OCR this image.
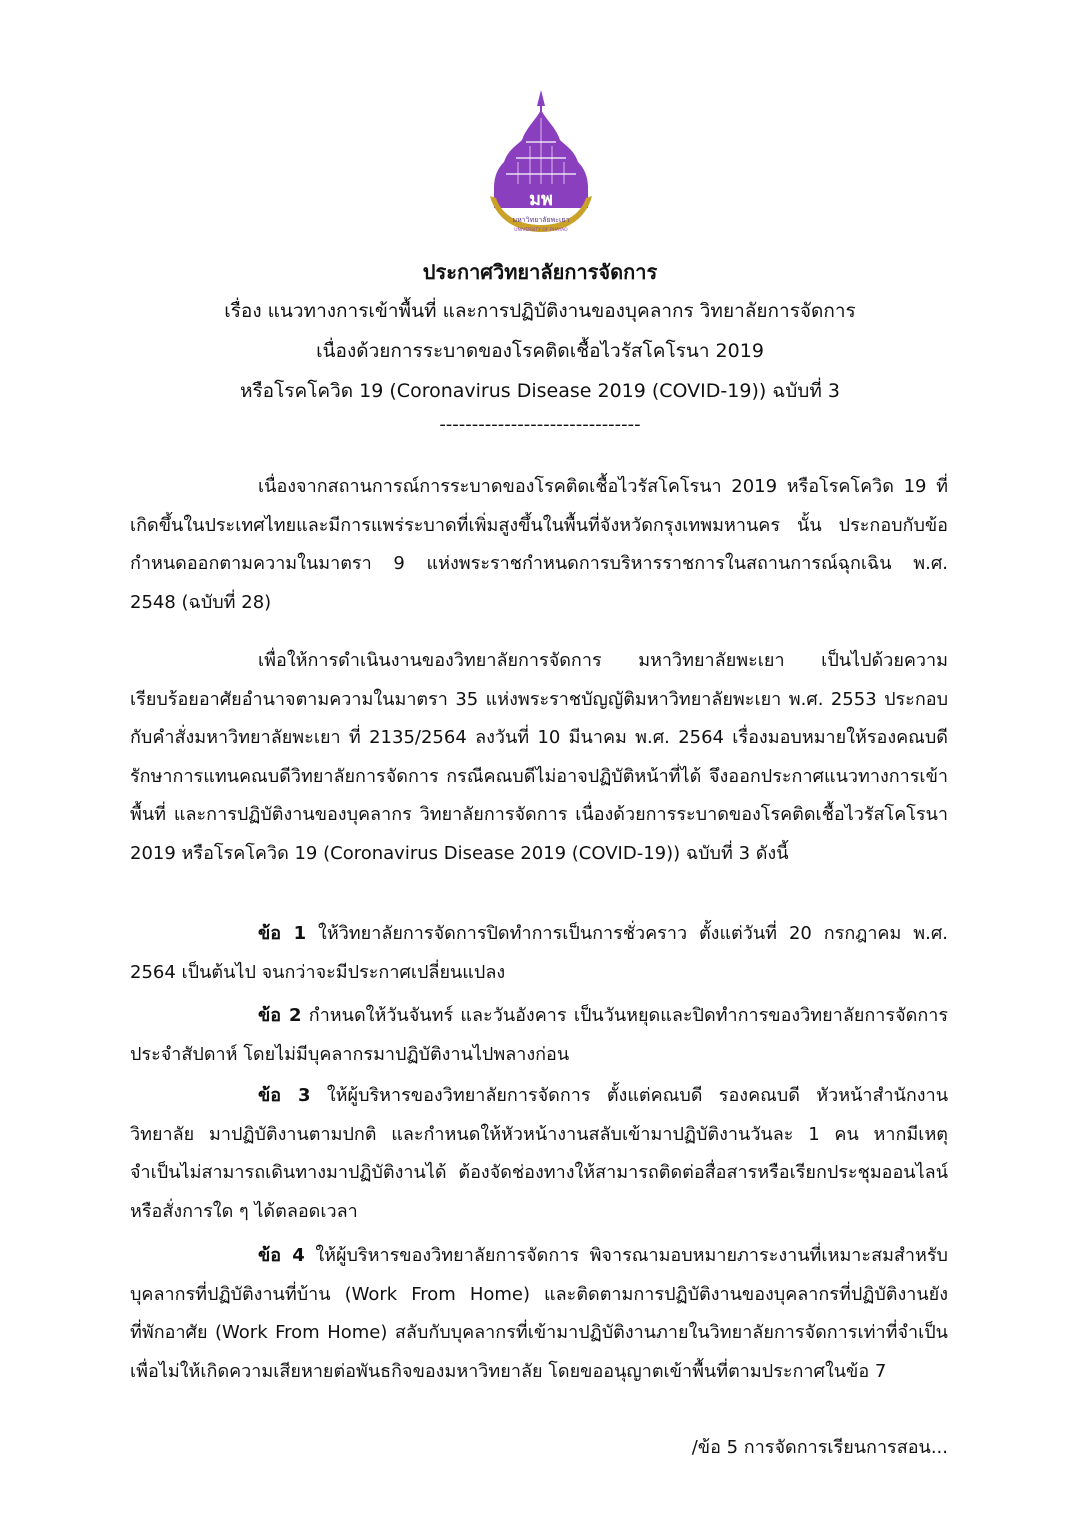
มพ
มหาวิทยาลัยพะเยา
UNIVERSITY OF PHAYAO
ประกาศวิทยาลัยการจัดการ
เรื่อง แนวทางการเข้าพื้นที่ และการปฏิบัติงานของบุคลากร วิทยาลัยการจัดการ
เนื่องด้วยการระบาดของโรคติดเชื้อไวรัสโคโรนา 2019
หรือโรคโควิด 19 (Coronavirus Disease 2019 (COVID-19)) ฉบับที่ 3
-------------------------------

เนื่องจากสถานการณ์การระบาดของโรคติดเชื้อไวรัสโคโรนา 2019 หรือโรคโควิด 19 ที่เกิดขึ้นในประเทศไทยและมีการแพร่ระบาดที่เพิ่มสูงขึ้นในพื้นที่จังหวัดกรุงเทพมหานคร นั้น ประกอบกับข้อกำหนดออกตามความในมาตรา 9 แห่งพระราชกำหนดการบริหารราชการในสถานการณ์ฉุกเฉิน พ.ศ. 2548 (ฉบับที่ 28)

เพื่อให้การดำเนินงานของวิทยาลัยการจัดการ มหาวิทยาลัยพะเยา เป็นไปด้วยความเรียบร้อยอาศัยอำนาจตามความในมาตรา 35 แห่งพระราชบัญญัติมหาวิทยาลัยพะเยา พ.ศ. 2553 ประกอบกับคำสั่งมหาวิทยาลัยพะเยา ที่ 2135/2564 ลงวันที่ 10 มีนาคม พ.ศ. 2564 เรื่องมอบหมายให้รองคณบดี รักษาการแทนคณบดีวิทยาลัยการจัดการ กรณีคณบดีไม่อาจปฏิบัติหน้าที่ได้ จึงออกประกาศแนวทางการเข้าพื้นที่ และการปฏิบัติงานของบุคลากร วิทยาลัยการจัดการ เนื่องด้วยการระบาดของโรคติดเชื้อไวรัสโคโรนา 2019 หรือโรคโควิด 19 (Coronavirus Disease 2019 (COVID-19)) ฉบับที่ 3 ดังนี้

ข้อ 1 ให้วิทยาลัยการจัดการปิดทำการเป็นการชั่วคราว ตั้งแต่วันที่ 20 กรกฎาคม พ.ศ. 2564 เป็นต้นไป จนกว่าจะมีประกาศเปลี่ยนแปลง

ข้อ 2 กำหนดให้วันจันทร์ และวันอังคาร เป็นวันหยุดและปิดทำการของวิทยาลัยการจัดการประจำสัปดาห์ โดยไม่มีบุคลากรมาปฏิบัติงานไปพลางก่อน

ข้อ 3 ให้ผู้บริหารของวิทยาลัยการจัดการ ตั้งแต่คณบดี รองคณบดี หัวหน้าสำนักงานวิทยาลัย มาปฏิบัติงานตามปกติ และกำหนดให้หัวหน้างานสลับเข้ามาปฏิบัติงานวันละ 1 คน หากมีเหตุจำเป็นไม่สามารถเดินทางมาปฏิบัติงานได้ ต้องจัดช่องทางให้สามารถติดต่อสื่อสารหรือเรียกประชุมออนไลน์ หรือสั่งการใด ๆ ได้ตลอดเวลา

ข้อ 4 ให้ผู้บริหารของวิทยาลัยการจัดการ พิจารณามอบหมายภาระงานที่เหมาะสมสำหรับบุคลากรที่ปฏิบัติงานที่บ้าน (Work From Home) และติดตามการปฏิบัติงานของบุคลากรที่ปฏิบัติงานยังที่พักอาศัย (Work From Home) สลับกับบุคลากรที่เข้ามาปฏิบัติงานภายในวิทยาลัยการจัดการเท่าที่จำเป็น เพื่อไม่ให้เกิดความเสียหายต่อพันธกิจของมหาวิทยาลัย โดยขออนุญาตเข้าพื้นที่ตามประกาศในข้อ 7

/ข้อ 5 การจัดการเรียนการสอน...
